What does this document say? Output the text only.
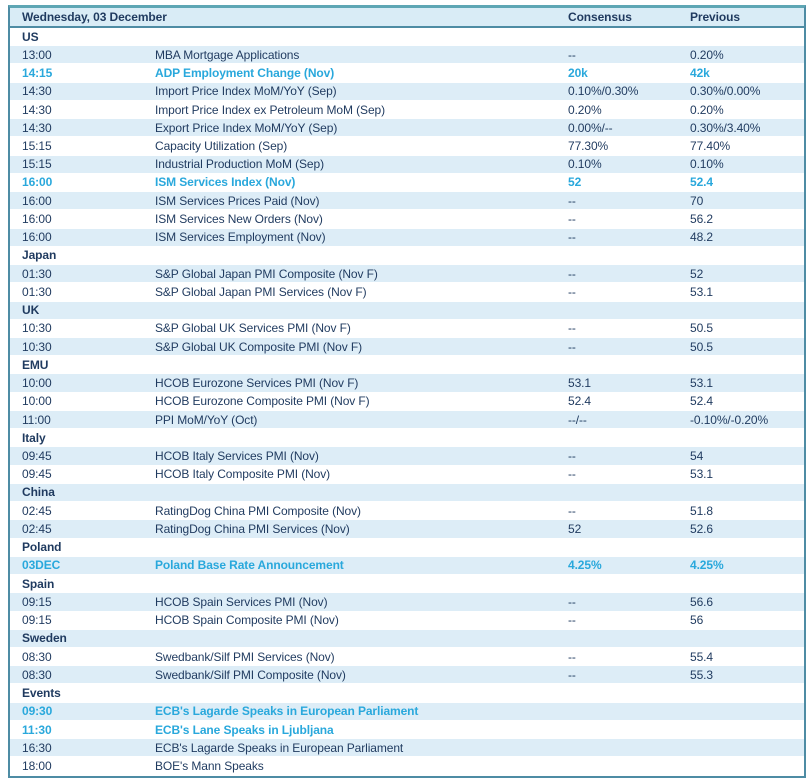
Wednesday, 03 December	Consensus	Previous
US
13:00	MBA Mortgage Applications	--	0.20%
14:15	ADP Employment Change (Nov)	20k	42k
14:30	Import Price Index MoM/YoY (Sep)	0.10%/0.30%	0.30%/0.00%
14:30	Import Price Index ex Petroleum MoM (Sep)	0.20%	0.20%
14:30	Export Price Index MoM/YoY (Sep)	0.00%/--	0.30%/3.40%
15:15	Capacity Utilization (Sep)	77.30%	77.40%
15:15	Industrial Production MoM (Sep)	0.10%	0.10%
16:00	ISM Services Index (Nov)	52	52.4
16:00	ISM Services Prices Paid (Nov)	--	70
16:00	ISM Services New Orders (Nov)	--	56.2
16:00	ISM Services Employment (Nov)	--	48.2
Japan
01:30	S&P Global Japan PMI Composite (Nov F)	--	52
01:30	S&P Global Japan PMI Services (Nov F)	--	53.1
UK
10:30	S&P Global UK Services PMI (Nov F)	--	50.5
10:30	S&P Global UK Composite PMI (Nov F)	--	50.5
EMU
10:00	HCOB Eurozone Services PMI (Nov F)	53.1	53.1
10:00	HCOB Eurozone Composite PMI (Nov F)	52.4	52.4
11:00	PPI MoM/YoY (Oct)	--/--	-0.10%/-0.20%
Italy
09:45	HCOB Italy Services PMI (Nov)	--	54
09:45	HCOB Italy Composite PMI (Nov)	--	53.1
China
02:45	RatingDog China PMI Composite (Nov)	--	51.8
02:45	RatingDog China PMI Services (Nov)	52	52.6
Poland
03DEC	Poland Base Rate Announcement	4.25%	4.25%
Spain
09:15	HCOB Spain Services PMI (Nov)	--	56.6
09:15	HCOB Spain Composite PMI (Nov)	--	56
Sweden
08:30	Swedbank/Silf PMI Services (Nov)	--	55.4
08:30	Swedbank/Silf PMI Composite (Nov)	--	55.3
Events
09:30	ECB's Lagarde Speaks in European Parliament
11:30	ECB's Lane Speaks in Ljubljana
16:30	ECB's Lagarde Speaks in European Parliament
18:00	BOE's Mann Speaks
